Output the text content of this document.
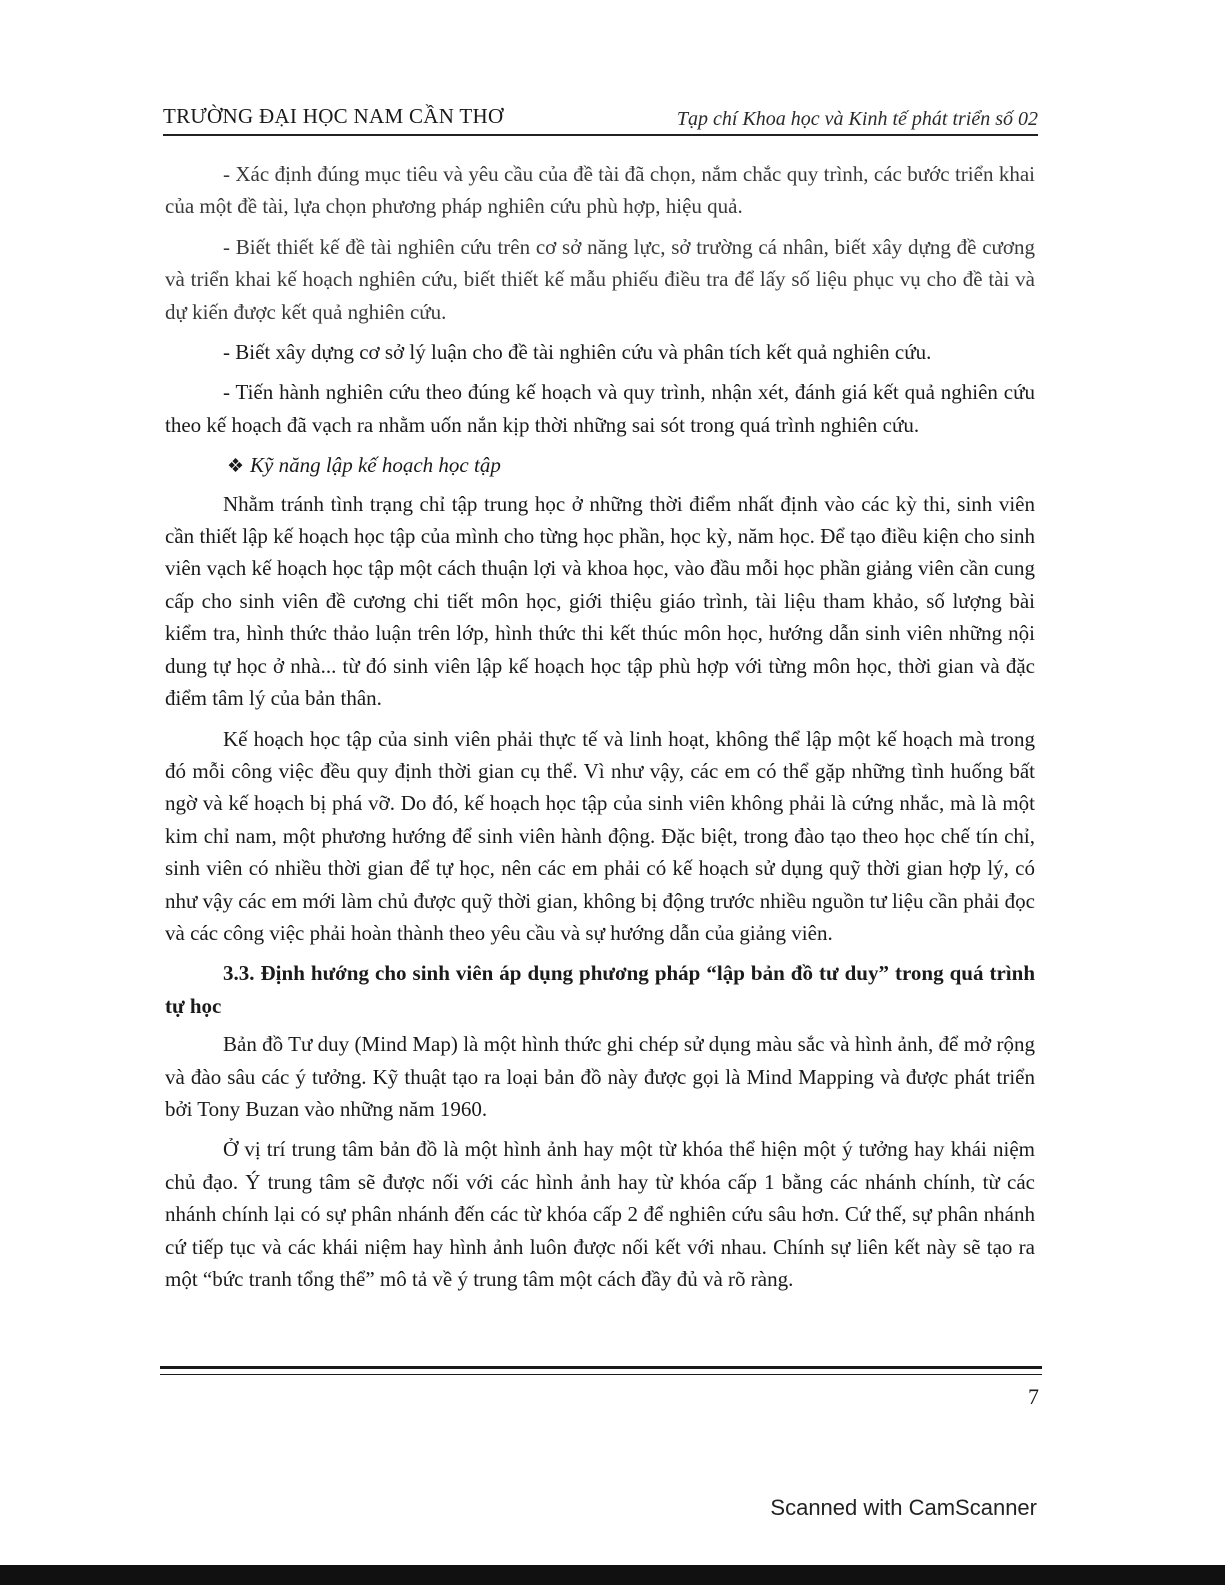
TRƯỜNG ĐẠI HỌC NAM CẦN THƠ	Tạp chí Khoa học và Kinh tế phát triển số 02

- Xác định đúng mục tiêu và yêu cầu của đề tài đã chọn, nắm chắc quy trình, các bước triển khai của một đề tài, lựa chọn phương pháp nghiên cứu phù hợp, hiệu quả.

- Biết thiết kế đề tài nghiên cứu trên cơ sở năng lực, sở trường cá nhân, biết xây dựng đề cương và triển khai kế hoạch nghiên cứu, biết thiết kế mẫu phiếu điều tra để lấy số liệu phục vụ cho đề tài và dự kiến được kết quả nghiên cứu.

- Biết xây dựng cơ sở lý luận cho đề tài nghiên cứu và phân tích kết quả nghiên cứu.

- Tiến hành nghiên cứu theo đúng kế hoạch và quy trình, nhận xét, đánh giá kết quả nghiên cứu theo kế hoạch đã vạch ra nhằm uốn nắn kịp thời những sai sót trong quá trình nghiên cứu.

❖ Kỹ năng lập kế hoạch học tập

Nhằm tránh tình trạng chỉ tập trung học ở những thời điểm nhất định vào các kỳ thi, sinh viên cần thiết lập kế hoạch học tập của mình cho từng học phần, học kỳ, năm học. Để tạo điều kiện cho sinh viên vạch kế hoạch học tập một cách thuận lợi và khoa học, vào đầu mỗi học phần giảng viên cần cung cấp cho sinh viên đề cương chi tiết môn học, giới thiệu giáo trình, tài liệu tham khảo, số lượng bài kiểm tra, hình thức thảo luận trên lớp, hình thức thi kết thúc môn học, hướng dẫn sinh viên những nội dung tự học ở nhà... từ đó sinh viên lập kế hoạch học tập phù hợp với từng môn học, thời gian và đặc điểm tâm lý của bản thân.

Kế hoạch học tập của sinh viên phải thực tế và linh hoạt, không thể lập một kế hoạch mà trong đó mỗi công việc đều quy định thời gian cụ thể. Vì như vậy, các em có thể gặp những tình huống bất ngờ và kế hoạch bị phá vỡ. Do đó, kế hoạch học tập của sinh viên không phải là cứng nhắc, mà là một kim chỉ nam, một phương hướng để sinh viên hành động. Đặc biệt, trong đào tạo theo học chế tín chỉ, sinh viên có nhiều thời gian để tự học, nên các em phải có kế hoạch sử dụng quỹ thời gian hợp lý, có như vậy các em mới làm chủ được quỹ thời gian, không bị động trước nhiều nguồn tư liệu cần phải đọc và các công việc phải hoàn thành theo yêu cầu và sự hướng dẫn của giảng viên.

3.3. Định hướng cho sinh viên áp dụng phương pháp “lập bản đồ tư duy” trong quá trình tự học

Bản đồ Tư duy (Mind Map) là một hình thức ghi chép sử dụng màu sắc và hình ảnh, để mở rộng và đào sâu các ý tưởng. Kỹ thuật tạo ra loại bản đồ này được gọi là Mind Mapping và được phát triển bởi Tony Buzan vào những năm 1960.

Ở vị trí trung tâm bản đồ là một hình ảnh hay một từ khóa thể hiện một ý tưởng hay khái niệm chủ đạo. Ý trung tâm sẽ được nối với các hình ảnh hay từ khóa cấp 1 bằng các nhánh chính, từ các nhánh chính lại có sự phân nhánh đến các từ khóa cấp 2 để nghiên cứu sâu hơn. Cứ thế, sự phân nhánh cứ tiếp tục và các khái niệm hay hình ảnh luôn được nối kết với nhau. Chính sự liên kết này sẽ tạo ra một “bức tranh tổng thể” mô tả về ý trung tâm một cách đầy đủ và rõ ràng.

7
Scanned with CamScanner
